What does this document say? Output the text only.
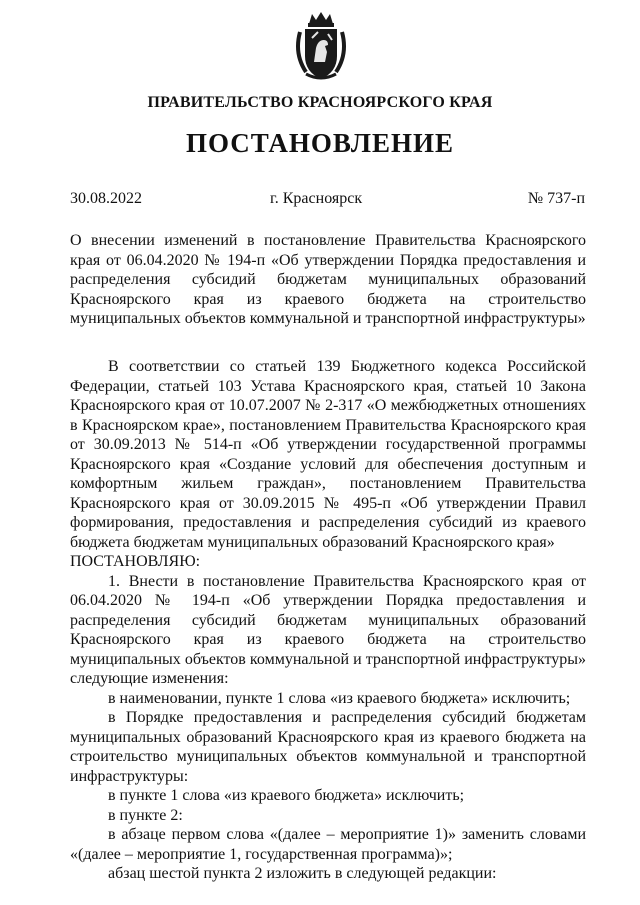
ПРАВИТЕЛЬСТВО КРАСНОЯРСКОГО КРАЯ
ПОСТАНОВЛЕНИЕ
30.08.2022	г. Красноярск	№ 737-п
О внесении изменений в постановление Правительства Красноярского края от 06.04.2020 № 194-п «Об утверждении Порядка предоставления и распределения субсидий бюджетам муниципальных образований Красноярского края из краевого бюджета на строительство муниципальных объектов коммунальной и транспортной инфраструктуры»

В соответствии со статьей 139 Бюджетного кодекса Российской Федерации, статьей 103 Устава Красноярского края, статьей 10 Закона Красноярского края от 10.07.2007 № 2-317 «О межбюджетных отношениях в Красноярском крае», постановлением Правительства Красноярского края от 30.09.2013 № 514-п «Об утверждении государственной программы Красноярского края «Создание условий для обеспечения доступным и комфортным жильем граждан», постановлением Правительства Красноярского края от 30.09.2015 № 495-п «Об утверждении Правил формирования, предоставления и распределения субсидий из краевого бюджета бюджетам муниципальных образований Красноярского края»

ПОСТАНОВЛЯЮ:

1. Внести в постановление Правительства Красноярского края от 06.04.2020 № 194-п «Об утверждении Порядка предоставления и распределения субсидий бюджетам муниципальных образований Красноярского края из краевого бюджета на строительство муниципальных объектов коммунальной и транспортной инфраструктуры» следующие изменения:

в наименовании, пункте 1 слова «из краевого бюджета» исключить;

в Порядке предоставления и распределения субсидий бюджетам муниципальных образований Красноярского края из краевого бюджета на строительство муниципальных объектов коммунальной и транспортной инфраструктуры:

в пункте 1 слова «из краевого бюджета» исключить;

в пункте 2:

в абзаце первом слова «(далее – мероприятие 1)» заменить словами «(далее – мероприятие 1, государственная программа)»;

абзац шестой пункта 2 изложить в следующей редакции:
